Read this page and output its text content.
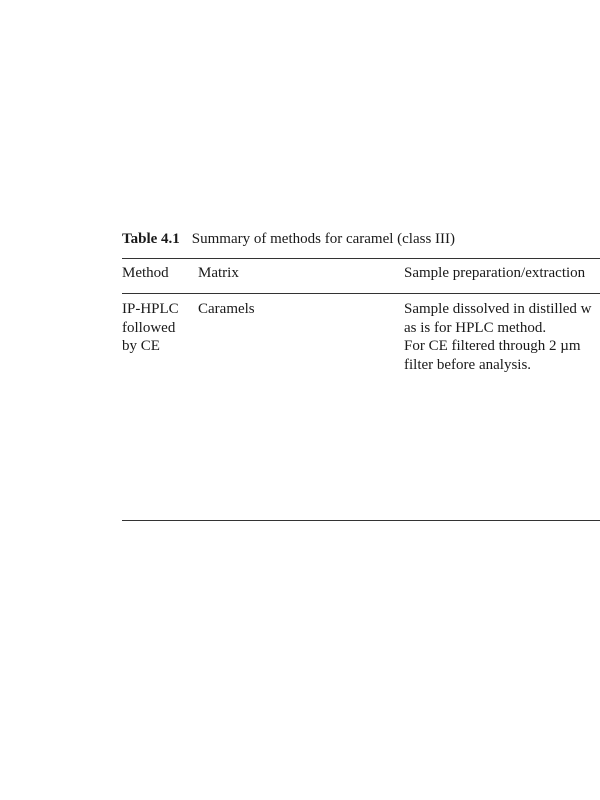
Table 4.1 Summary of methods for caramel (class III)
Method Matrix	Sample preparation/extraction
IP-HPLC
followed
by CE
Caramels	Sample dissolved in distilled w
as is for HPLC method.
For CE filtered through 2 µm
filter before analysis.
